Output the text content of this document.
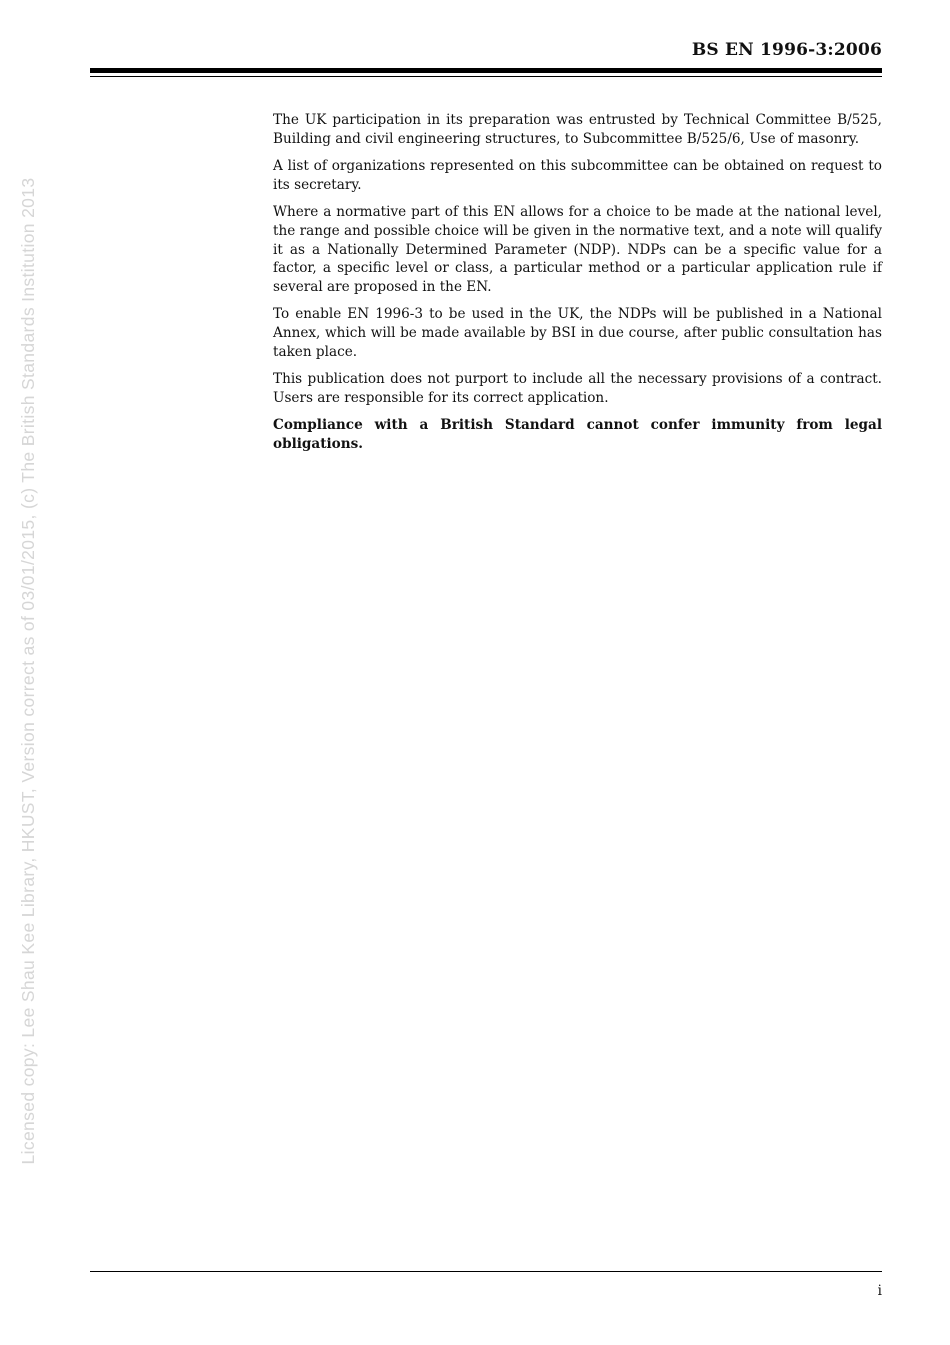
BS EN 1996-3:2006
Licensed copy: Lee Shau Kee Library, HKUST, Version correct as of 03/01/2015, (c) The British Standards Institution 2013

The UK participation in its preparation was entrusted by Technical Committee B/525, Building and civil engineering structures, to Subcommittee B/525/6, Use of masonry.

A list of organizations represented on this subcommittee can be obtained on request to its secretary.

Where a normative part of this EN allows for a choice to be made at the national level, the range and possible choice will be given in the normative text, and a note will qualify it as a Nationally Determined Parameter (NDP). NDPs can be a specific value for a factor, a specific level or class, a particular method or a particular application rule if several are proposed in the EN.

To enable EN 1996-3 to be used in the UK, the NDPs will be published in a National Annex, which will be made available by BSI in due course, after public consultation has taken place.

This publication does not purport to include all the necessary provisions of a contract. Users are responsible for its correct application.

Compliance with a British Standard cannot confer immunity from legal obligations.

i
